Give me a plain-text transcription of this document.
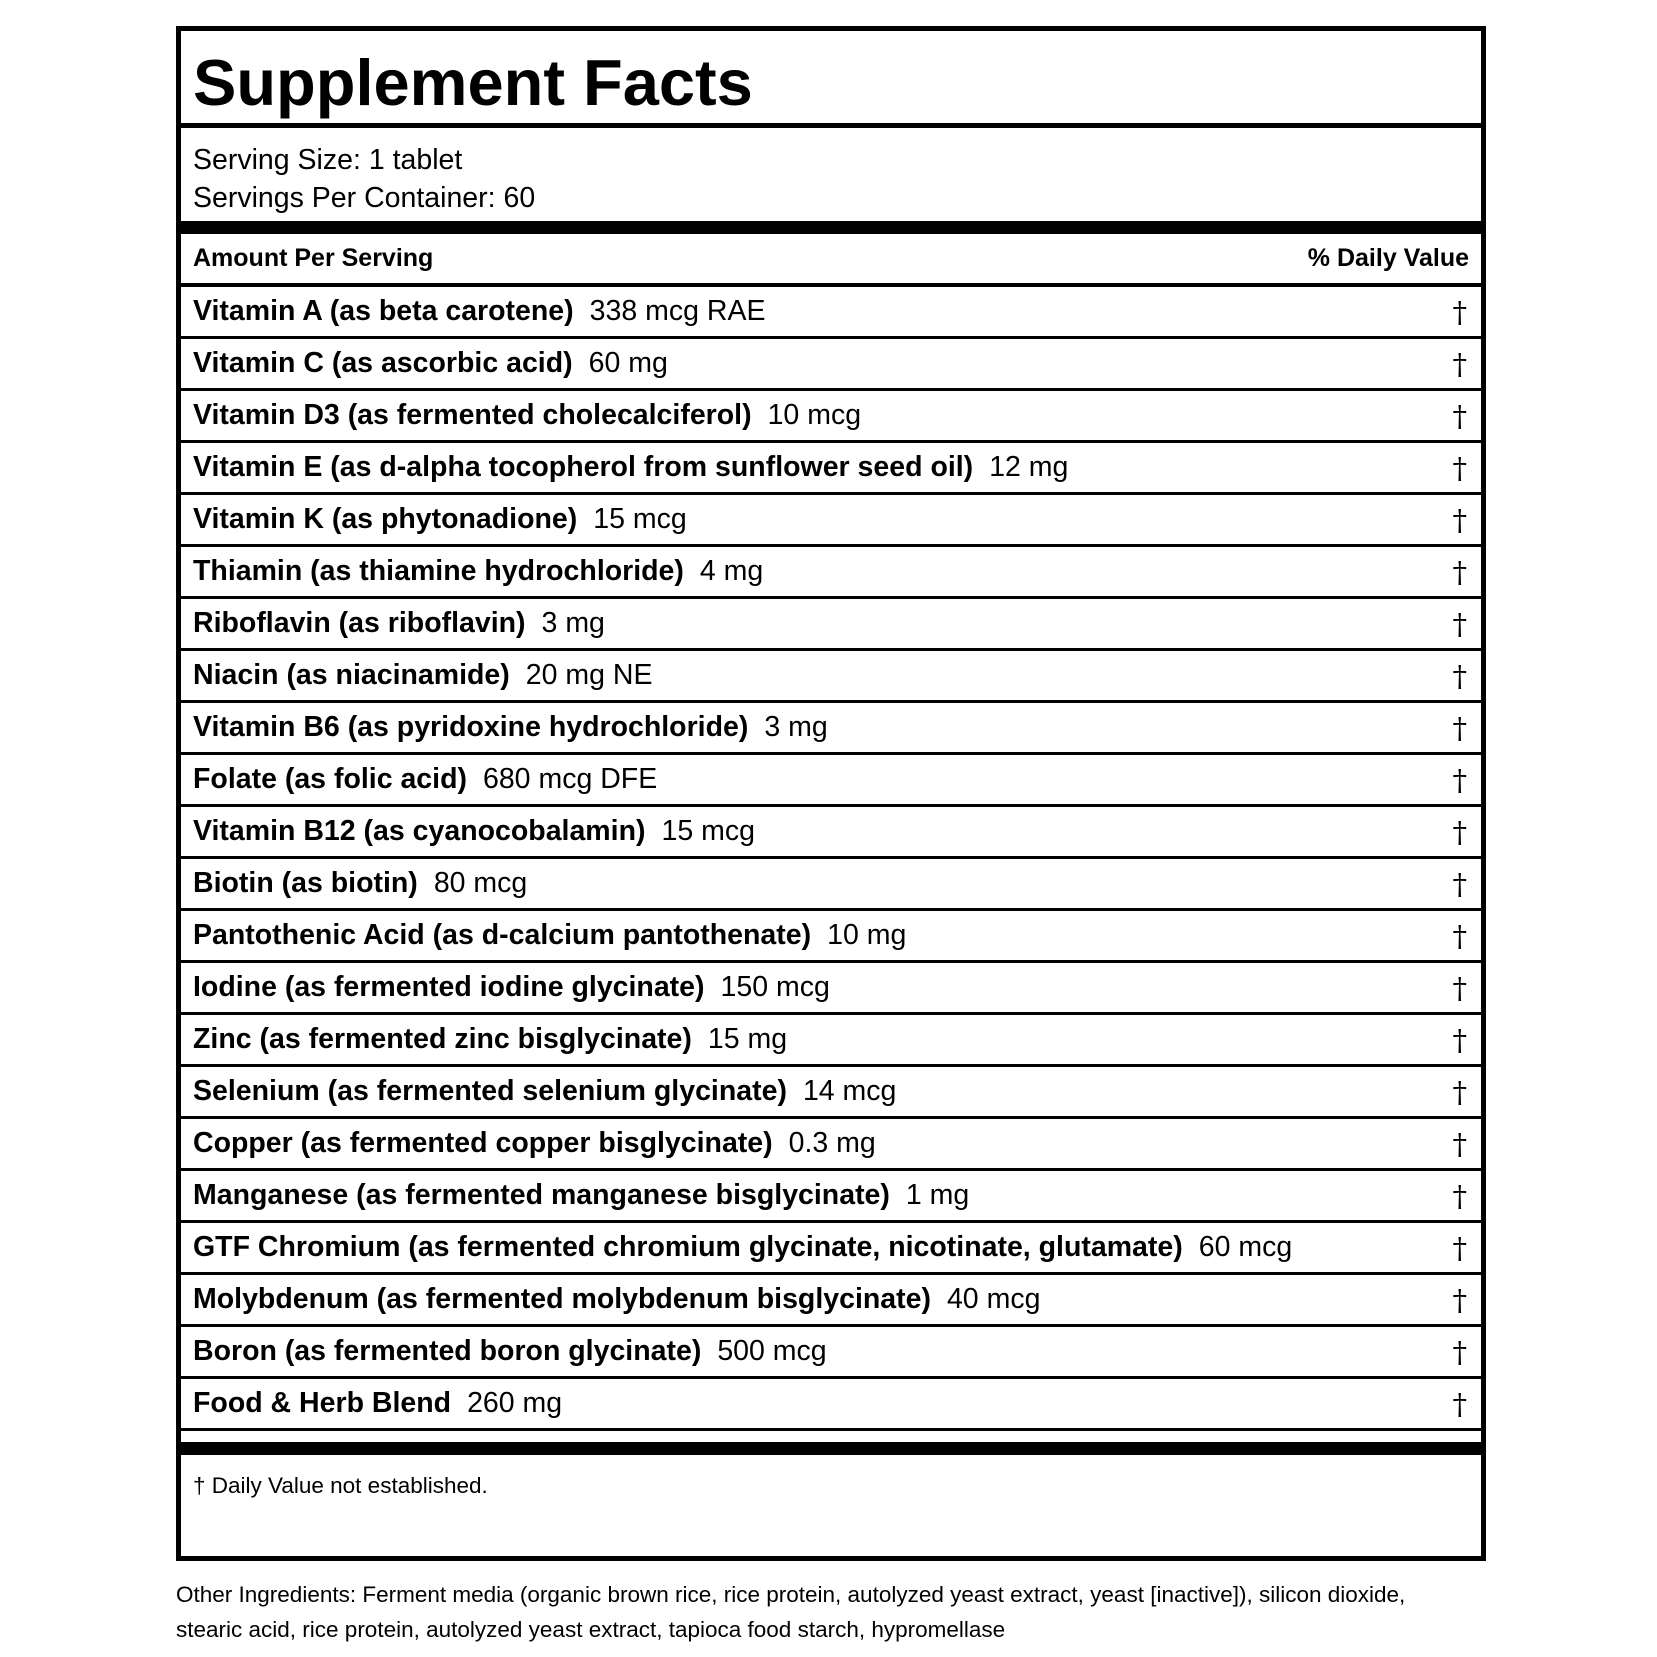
Supplement Facts
Serving Size: 1 tablet
Servings Per Container: 60
Amount Per Serving	% Daily Value
Vitamin A (as beta carotene) 338 mcg RAE	†
Vitamin C (as ascorbic acid) 60 mg	†
Vitamin D3 (as fermented cholecalciferol) 10 mcg	†
Vitamin E (as d-alpha tocopherol from sunflower seed oil) 12 mg	†
Vitamin K (as phytonadione) 15 mcg	†
Thiamin (as thiamine hydrochloride) 4 mg	†
Riboflavin (as riboflavin) 3 mg	†
Niacin (as niacinamide) 20 mg NE	†
Vitamin B6 (as pyridoxine hydrochloride) 3 mg	†
Folate (as folic acid) 680 mcg DFE	†
Vitamin B12 (as cyanocobalamin) 15 mcg	†
Biotin (as biotin) 80 mcg	†
Pantothenic Acid (as d-calcium pantothenate) 10 mg	†
Iodine (as fermented iodine glycinate) 150 mcg	†
Zinc (as fermented zinc bisglycinate) 15 mg	†
Selenium (as fermented selenium glycinate) 14 mcg	†
Copper (as fermented copper bisglycinate) 0.3 mg	†
Manganese (as fermented manganese bisglycinate) 1 mg	†
GTF Chromium (as fermented chromium glycinate, nicotinate, glutamate) 60 mcg	†
Molybdenum (as fermented molybdenum bisglycinate) 40 mcg	†
Boron (as fermented boron glycinate) 500 mcg	†
Food & Herb Blend 260 mg	†
† Daily Value not established.
Other Ingredients: Ferment media (organic brown rice, rice protein, autolyzed yeast extract, yeast [inactive]), silicon dioxide, stearic acid, rice protein, autolyzed yeast extract, tapioca food starch, hypromellase
